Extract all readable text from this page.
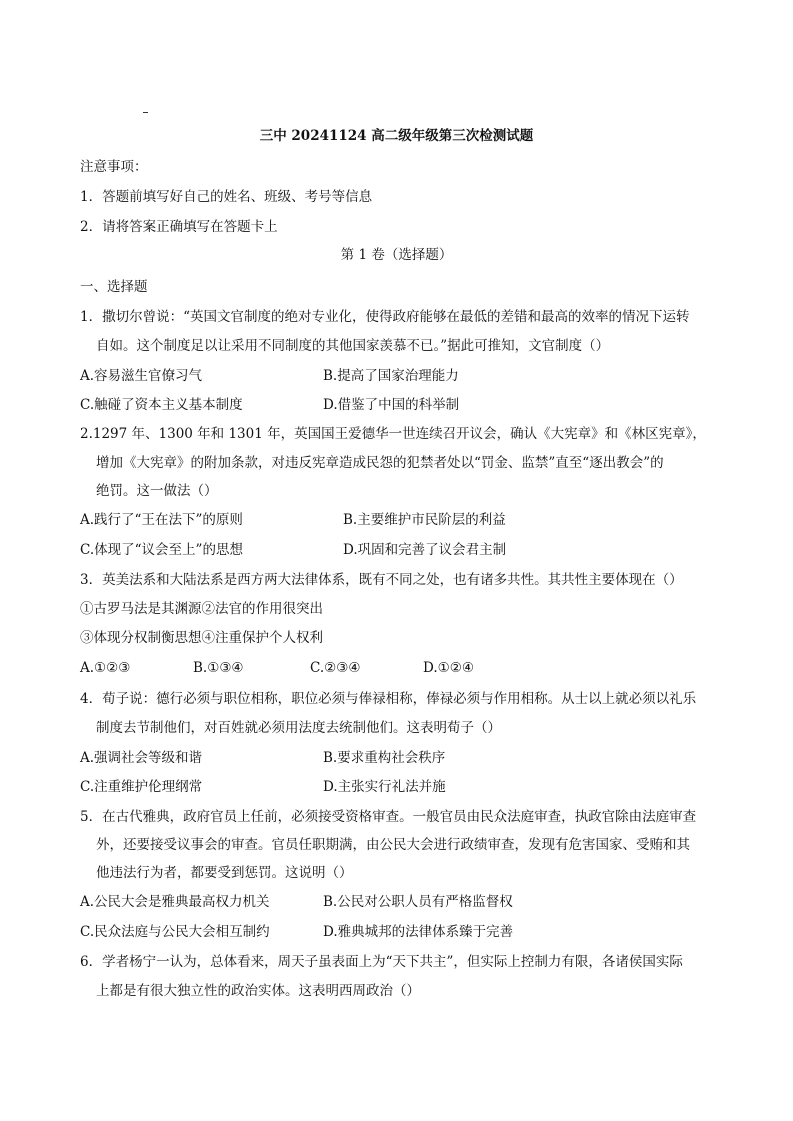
三中 20241124 高二级年级第三次检测试题
注意事项：
1．答题前填写好自己的姓名、班级、考号等信息
2．请将答案正确填写在答题卡上
第 1 卷（选择题）
一、选择题
1．撒切尔曾说：“英国文官制度的绝对专业化，使得政府能够在最低的差错和最高的效率的情况下运转
自如。这个制度足以让采用不同制度的其他国家羡慕不已。”据此可推知，文官制度（）
A.容易滋生官僚习气	B.提高了国家治理能力
C.触碰了资本主义基本制度	D.借鉴了中国的科举制
2.1297 年、1300 年和 1301 年，英国国王爱德华一世连续召开议会，确认《大宪章》和《林区宪章》，
增加《大宪章》的附加条款，对违反宪章造成民怨的犯禁者处以“罚金、监禁”直至“逐出教会”的
绝罚。这一做法（）
A.践行了“王在法下”的原则	B.主要维护市民阶层的利益
C.体现了“议会至上”的思想	D.巩固和完善了议会君主制
3．英美法系和大陆法系是西方两大法律体系，既有不同之处，也有诸多共性。其共性主要体现在（）
①古罗马法是其渊源②法官的作用很突出
③体现分权制衡思想④注重保护个人权利
A.①②③	B.①③④	C.②③④	D.①②④
4．荀子说：德行必须与职位相称，职位必须与俸禄相称，俸禄必须与作用相称。从士以上就必须以礼乐
制度去节制他们，对百姓就必须用法度去统制他们。这表明荀子（）
A.强调社会等级和谐	B.要求重构社会秩序
C.注重维护伦理纲常	D.主张实行礼法并施
5．在古代雅典，政府官员上任前，必须接受资格审查。一般官员由民众法庭审查，执政官除由法庭审查
外，还要接受议事会的审查。官员任职期满，由公民大会进行政绩审查，发现有危害国家、受贿和其
他违法行为者，都要受到惩罚。这说明（）
A.公民大会是雅典最高权力机关	B.公民对公职人员有严格监督权
C.民众法庭与公民大会相互制约	D.雅典城邦的法律体系臻于完善
6．学者杨宁一认为，总体看来，周天子虽表面上为“天下共主”，但实际上控制力有限，各诸侯国实际
上都是有很大独立性的政治实体。这表明西周政治（）
